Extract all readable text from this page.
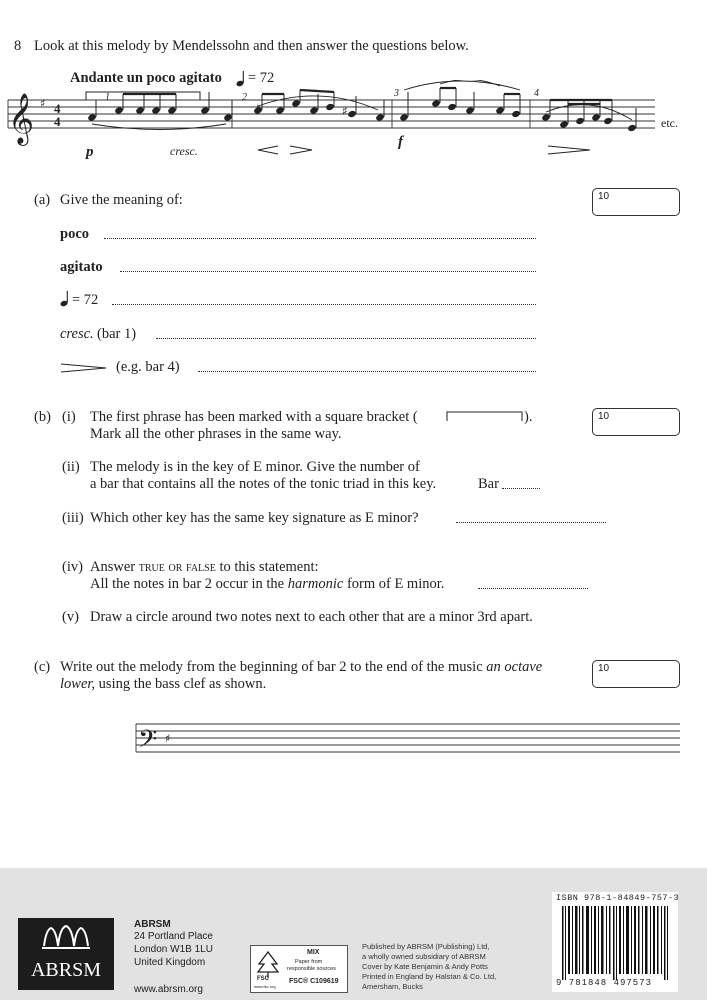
8 Look at this melody by Mendelssohn and then answer the questions below.
Andante un poco agitato = 72
𝄞 ♯ 4
4
♯
♮
1	2	3	4
p	cresc.
f
etc.
(a) Give the meaning of:	10
poco
agitato
= 72
cresc. (bar 1)
(e.g. bar 4)
(b)	10
(i) The first phrase has been marked with a square bracket (	).
Mark all the other phrases in the same way.
(ii) The melody is in the key of E minor. Give the number of
a bar that contains all the notes of the tonic triad in this key.	Bar
(iii) Which other key has the same key signature as E minor?
(iv) Answer true or false to this statement:
All the notes in bar 2 occur in the harmonic form of E minor.
(v) Draw a circle around two notes next to each other that are a minor 3rd apart.
(c)	10
Write out the melody from the beginning of bar 2 to the end of the music an octave
lower, using the bass clef as shown.
𝄢 ♯
ABRSM
ABRSM
24 Portland Place
London W1B 1LU
United Kingdom
www.abrsm.org
FSC
www.fsc.org
MIX
Paper from
responsible sources
FSC® C109619
Published by ABRSM (Publishing) Ltd,
a wholly owned subsidiary of ABRSM
Cover by Kate Benjamin & Andy Potts
Printed in England by Halstan & Co. Ltd,
Amersham, Bucks
ISBN 978-1-84849-757-3
9 781848 497573
